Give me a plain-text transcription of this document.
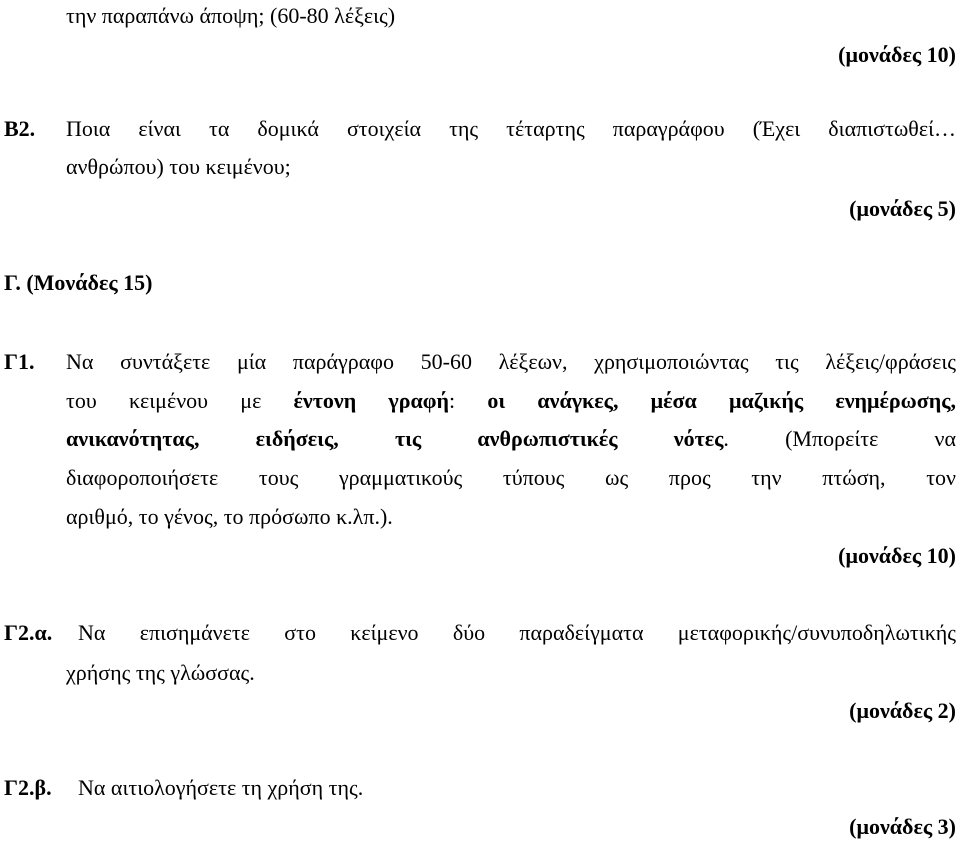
την παραπάνω άποψη; (60-80 λέξεις)
(μονάδες 10)
Β2. Ποια είναι τα δομικά στοιχεία της τέταρτης παραγράφου (Έχει διαπιστωθεί…
ανθρώπου) του κειμένου;
(μονάδες 5)
Γ. (Μονάδες 15)
Γ1. Να συντάξετε μία παράγραφο 50-60 λέξεων, χρησιμοποιώντας τις λέξεις/φράσεις
του κειμένου με έντονη γραφή: οι ανάγκες, μέσα μαζικής ενημέρωσης,
ανικανότητας, ειδήσεις, τις ανθρωπιστικές νότες. (Μπορείτε να
διαφοροποιήσετε τους γραμματικούς τύπους ως προς την πτώση, τον
αριθμό, το γένος, το πρόσωπο κ.λπ.).
(μονάδες 10)
Γ2.α. Να επισημάνετε στο κείμενο δύο παραδείγματα μεταφορικής/συνυποδηλωτικής
χρήσης της γλώσσας.
(μονάδες 2)
Γ2.β. Να αιτιολογήσετε τη χρήση της.
(μονάδες 3)
